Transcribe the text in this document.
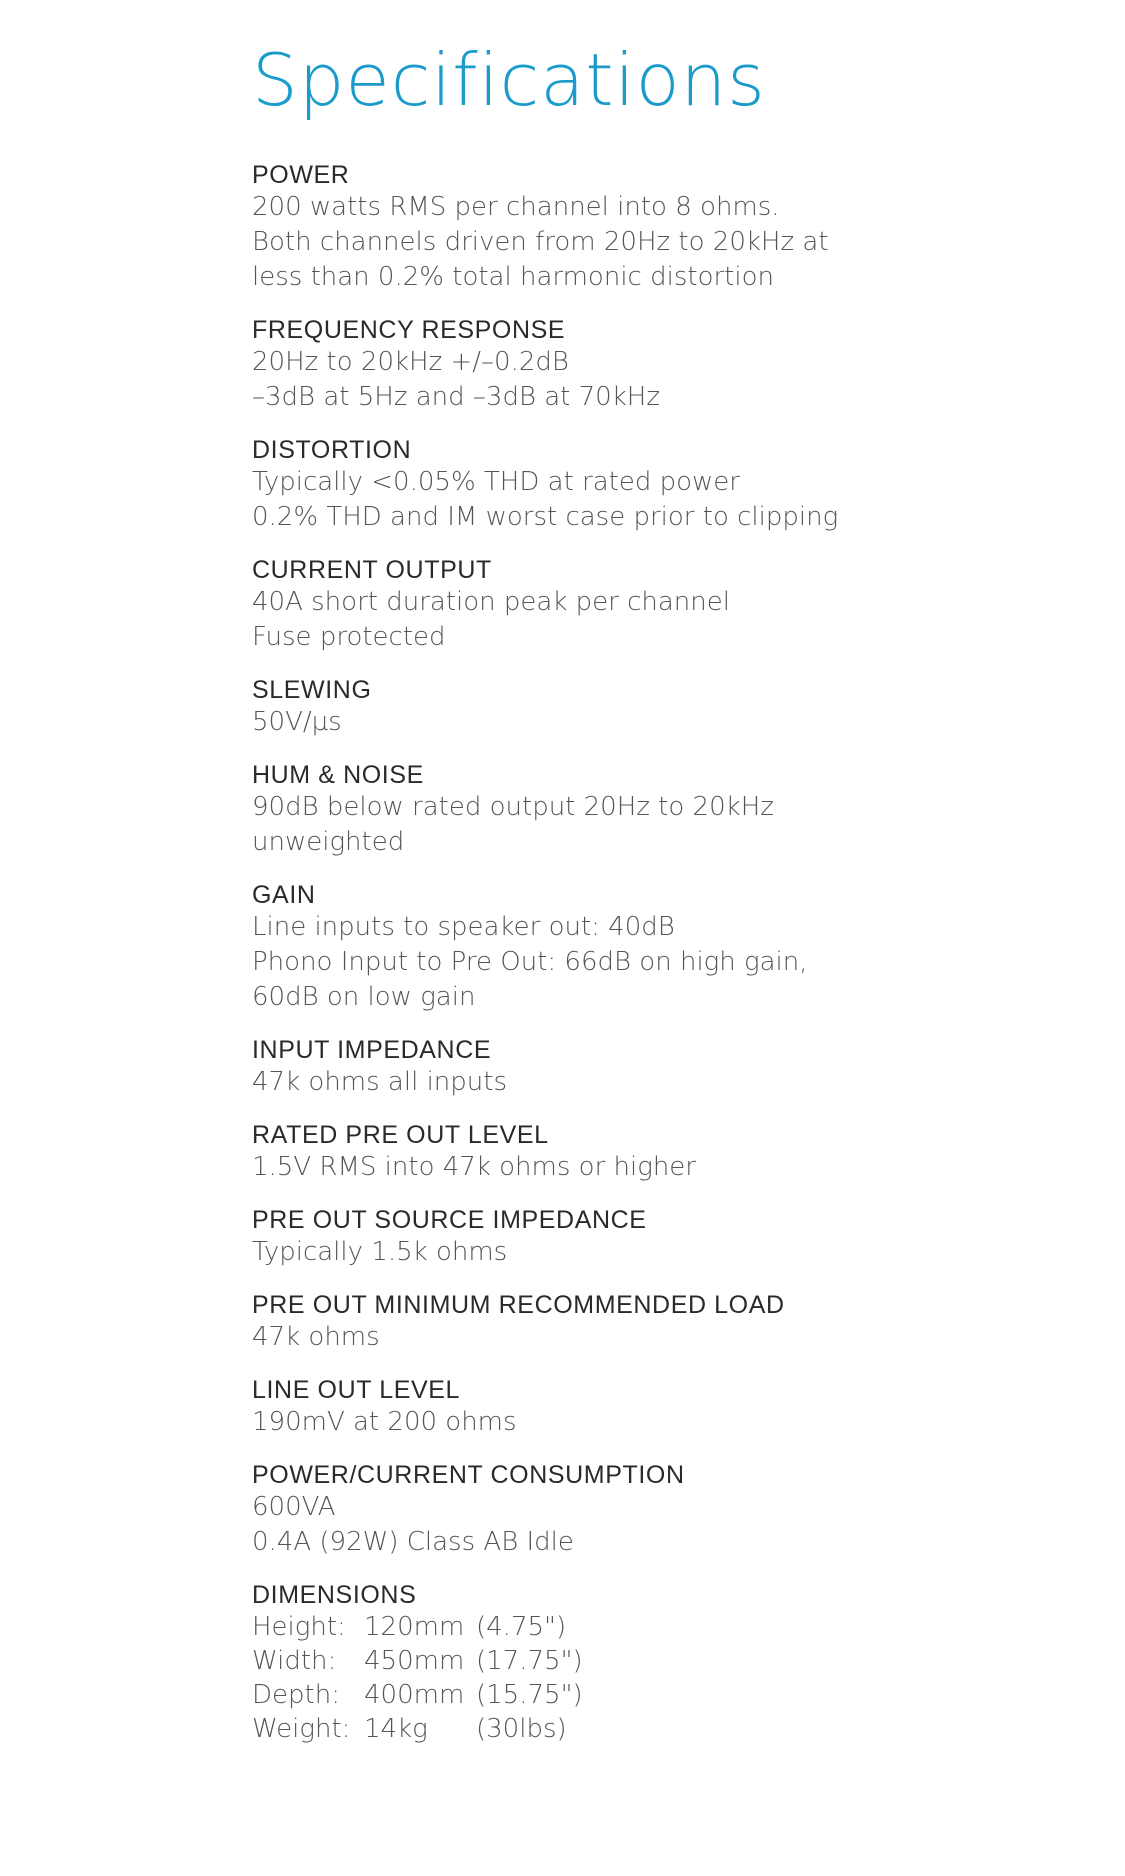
Specifications
POWER
200 watts RMS per channel into 8 ohms.
Both channels driven from 20Hz to 20kHz at
less than 0.2% total harmonic distortion
FREQUENCY RESPONSE
20Hz to 20kHz +/–0.2dB
–3dB at 5Hz and –3dB at 70kHz
DISTORTION
Typically <0.05% THD at rated power
0.2% THD and IM worst case prior to clipping
CURRENT OUTPUT
40A short duration peak per channel
Fuse protected
SLEWING
50V/µs
HUM & NOISE
90dB below rated output 20Hz to 20kHz
unweighted
GAIN
Line inputs to speaker out: 40dB
Phono Input to Pre Out: 66dB on high gain,
60dB on low gain
INPUT IMPEDANCE
47k ohms all inputs
RATED PRE OUT LEVEL
1.5V RMS into 47k ohms or higher
PRE OUT SOURCE IMPEDANCE
Typically 1.5k ohms
PRE OUT MINIMUM RECOMMENDED LOAD
47k ohms
LINE OUT LEVEL
190mV at 200 ohms
POWER/CURRENT CONSUMPTION
600VA
0.4A (92W) Class AB Idle
DIMENSIONS
Height: 120mm (4.75")
Width:	450mm (17.75")
Depth: 400mm (15.75")
Weight: 14kg	(30lbs)
